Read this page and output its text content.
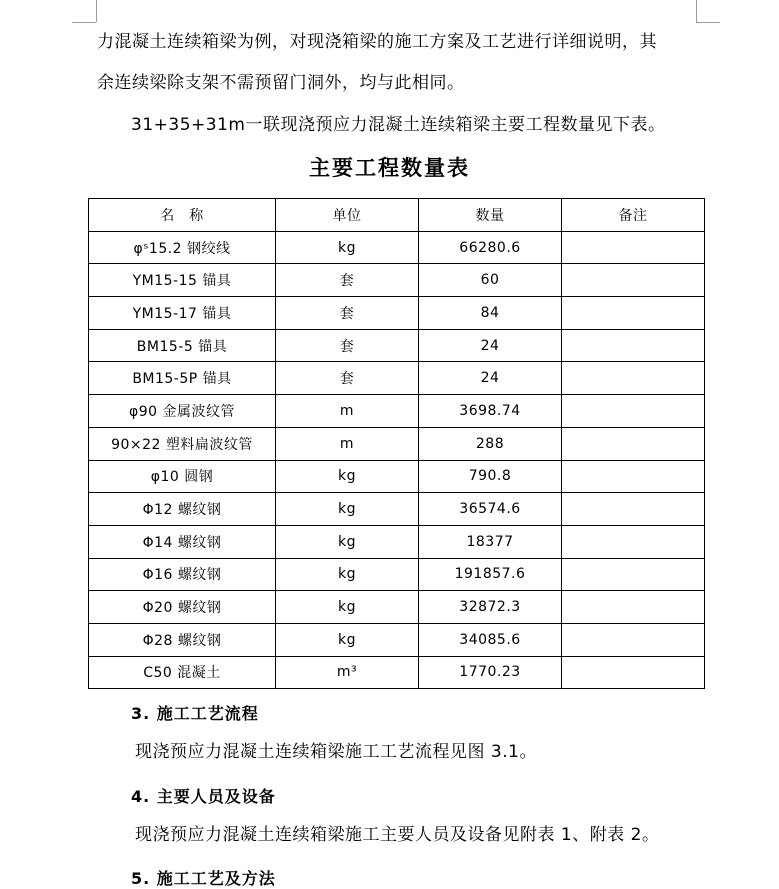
力混凝土连续箱梁为例，对现浇箱梁的施工方案及工艺进行详细说明，其
余连续梁除支架不需预留门洞外，均与此相同。
31+35+31m一联现浇预应力混凝土连续箱梁主要工程数量见下表。
主要工程数量表
名　称	单位	数量	备注
φˢ15.2 钢绞线	kg	66280.6	
YM15-15 锚具	套	60	
YM15-17 锚具	套	84	
BM15-5 锚具	套	24	
BM15-5P 锚具	套	24	
φ90 金属波纹管	m	3698.74	
90×22 塑料扁波纹管	m	288	
φ10 圆钢	kg	790.8	
Φ12 螺纹钢	kg	36574.6	
Φ14 螺纹钢	kg	18377	
Φ16 螺纹钢	kg	191857.6	
Φ20 螺纹钢	kg	32872.3	
Φ28 螺纹钢	kg	34085.6	
C50 混凝土	m³	1770.23	
3. 施工工艺流程
现浇预应力混凝土连续箱梁施工工艺流程见图 3.1。
4. 主要人员及设备
现浇预应力混凝土连续箱梁施工主要人员及设备见附表 1、附表 2。
5. 施工工艺及方法
